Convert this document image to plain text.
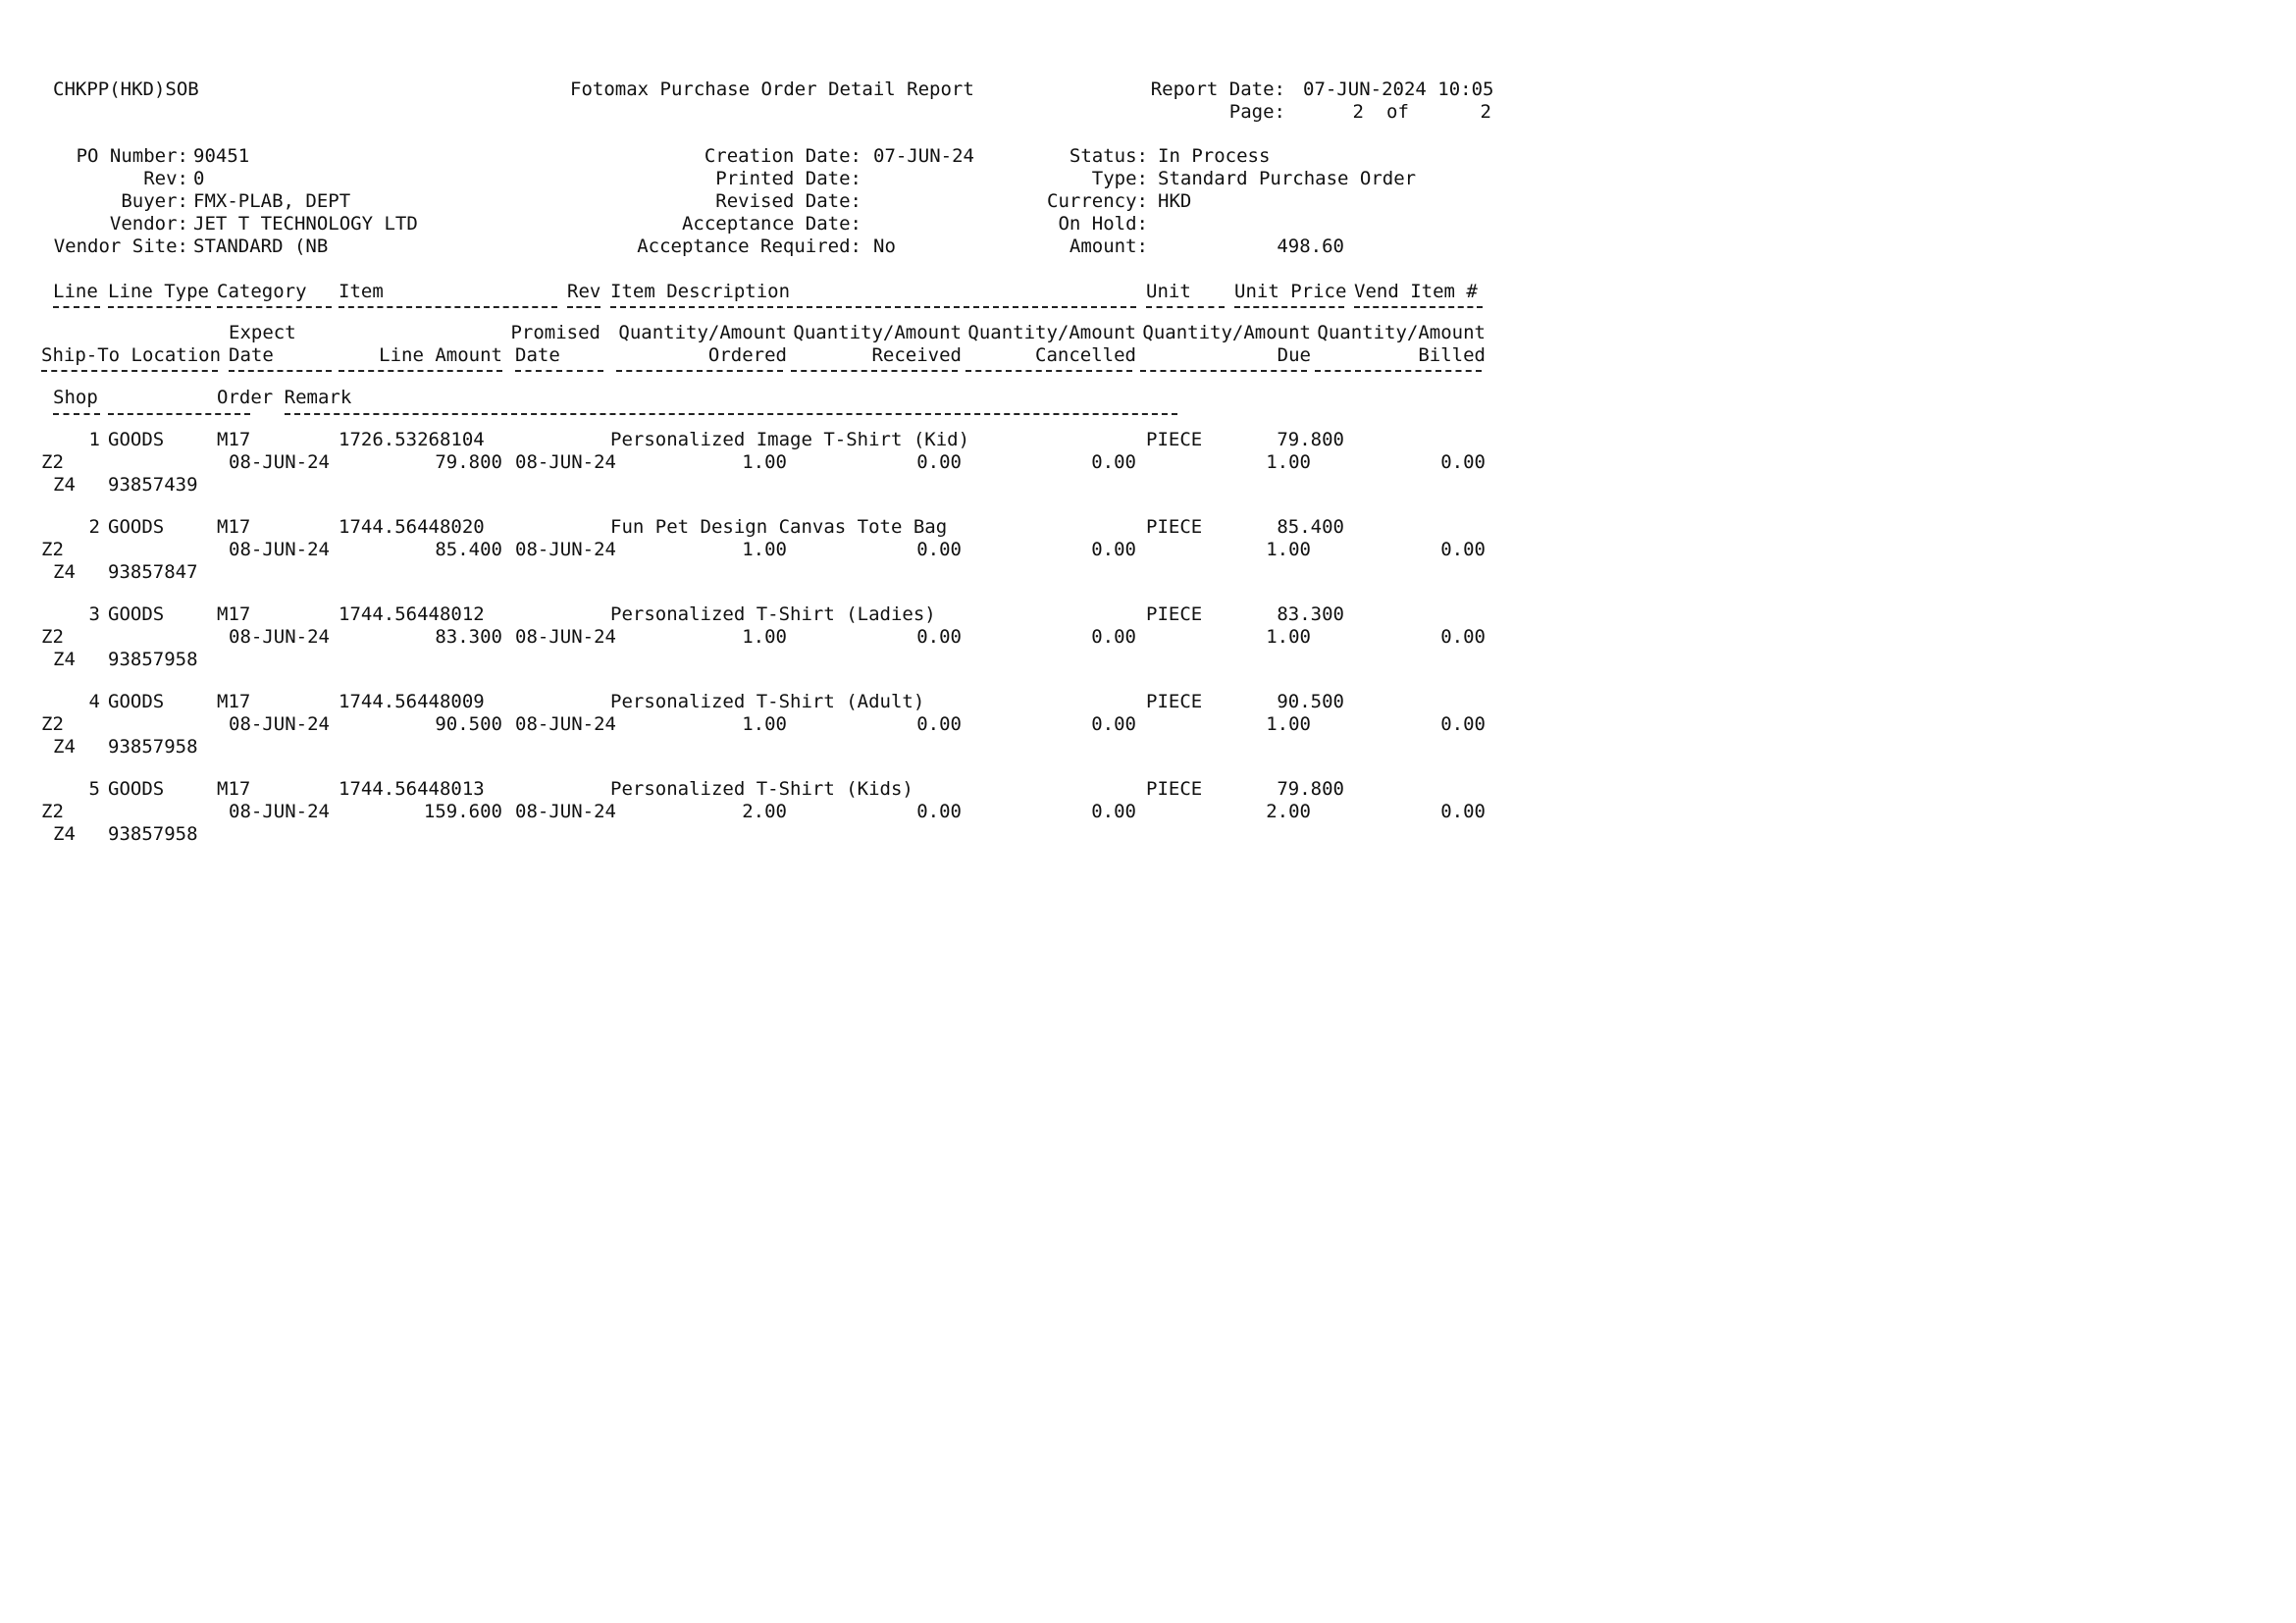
CHKPP(HKD)SOB	Fotomax Purchase Order Detail Report	Report Date: 07-JUN-2024 10:05
Page:	2 of	2
PO Number: 90451
Rev: 0
Buyer: FMX-PLAB, DEPT
Vendor: JET T TECHNOLOGY LTD
Vendor Site: STANDARD (NB
Creation Date: 07-JUN-24
Printed Date:
Revised Date:
Acceptance Date:
Acceptance Required: No
Status: In Process
Type: Standard Purchase Order
Currency: HKD
On Hold:
Amount:	498.60
Line Line Type Category Item	Rev Item Description	Unit Unit Price Vend Item #
Expect	Promised Quantity/Amount Quantity/Amount Quantity/Amount Quantity/Amount Quantity/Amount
Ship-To Location Date	Line Amount Date	Ordered	Received	Cancelled	Due	Billed
Shop	Order Remark
1 GOODS	M17	1726.53268104	Personalized Image T-Shirt (Kid)	PIECE	79.800
Z2	08-JUN-24	79.800 08-JUN-24	1.00	0.00	0.00	1.00	0.00
Z4	93857439
2 GOODS	M17	1744.56448020	Fun Pet Design Canvas Tote Bag	PIECE	85.400
Z2	08-JUN-24	85.400 08-JUN-24	1.00	0.00	0.00	1.00	0.00
Z4	93857847
3 GOODS	M17	1744.56448012	Personalized T-Shirt (Ladies)	PIECE	83.300
Z2	08-JUN-24	83.300 08-JUN-24	1.00	0.00	0.00	1.00	0.00
Z4	93857958
4 GOODS	M17	1744.56448009	Personalized T-Shirt (Adult)	PIECE	90.500
Z2	08-JUN-24	90.500 08-JUN-24	1.00	0.00	0.00	1.00	0.00
Z4	93857958
5 GOODS	M17	1744.56448013	Personalized T-Shirt (Kids)	PIECE	79.800
Z2	08-JUN-24	159.600 08-JUN-24	2.00	0.00	0.00	2.00	0.00
Z4	93857958
